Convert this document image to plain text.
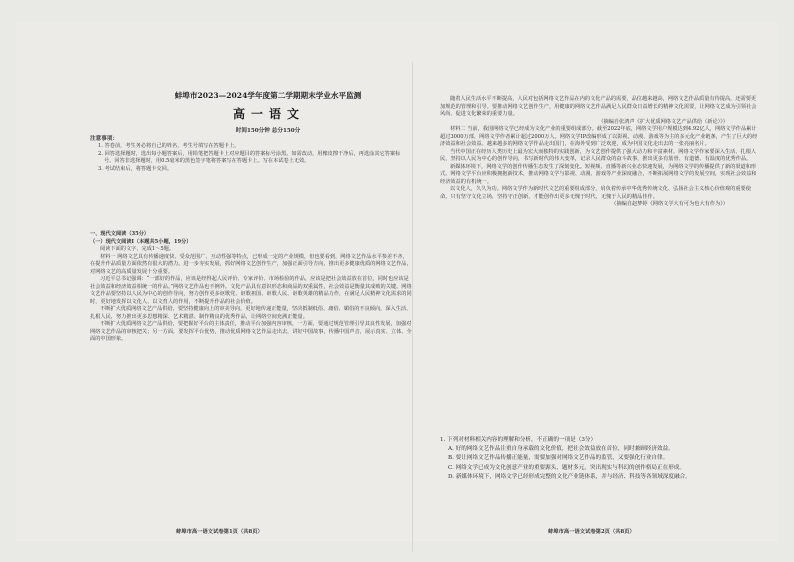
蚌埠市2023—2024学年度第二学期期末学业水平监测
高一语文
时间150分钟 总分150分
注意事项：
1. 答卷前，考生务必将自己的姓名、考生号填写在答题卡上。
2. 回答选择题时，选出每小题答案后，用铅笔把答题卡上对应题目的答案标号涂黑。如需改动，用橡皮擦干净后，再选涂其它答案标号。回答非选择题时，用0.5毫米的黑色签字笔将答案写在答题卡上。写在本试卷上无效。
3. 考试结束后，将答题卡交回。
一、现代文阅读（35分）
（一）现代文阅读Ⅰ（本题共5小题，19分）

阅读下面的文字，完成1～5题。

材料一 网络文艺具有传播速度快、受众范围广、互动性强等特点，已形成一定的产业规模，但也要看到，网络文艺作品水平参差不齐，在提升作品质量方面依然有很大的潜力。进一步夯实发展，抓好网络文艺创作生产，加强正面引导方向，推出更多健康优质的网络文艺作品，对网络文艺的高质量发展十分重要。

习近平总书记强调：“一部好的作品，应该是经得起人民评价、专家评价、市场检验的作品，应该是把社会效益放在首位，同时也应该是社会效益和经济效益相统一的作品。”网络文艺作品也不例外。文化产品具有意识形态和商品的双重属性，社会效益是衡量其成败的关键。网络文艺作品要坚持以人民为中心的创作导向，努力创作更多讴歌党、讴歌祖国、讴歌人民、讴歌英雄的精品力作，在满足人民精神文化需求的同时，更好地发挥以文化人、以文育人的作用，不断提升作品的社会价值。

不断扩大优质网络文艺产品供给，要坚持健康向上的审美导向，更好地传递正能量，坚决抵制低俗、庸俗、媚俗的不良倾向，深入生活、扎根人民，努力推出更多思想精深、艺术精湛、制作精良的优秀作品，让网络空间充满正能量。

不断扩大优质网络文艺产品供给，要把握好平台的主体责任，推动平台加强内容审核，一方面，要通过规范管理引导其良性发展，加强对网络文艺作品的审核把关；另一方面，要发挥平台优势，推动优质网络文艺作品走出去，讲好中国故事，传播中国声音，展示真实、立体、全面的中国形象。

蚌埠市高一语文试卷第1页（共8页）

随着人民生活水平不断提高，人民对包括网络文艺作品在内的文化产品的需要，品位越来越高，网络文艺作品质量有待提高，还需要更加规范的管理和引导。要推动网络文艺创作生产，用健康的网络文艺作品满足人民群众日益增长的精神文化需要，让网络文艺成为引领社会风尚、促进文化繁荣的重要力量。

（摘编自张鸿声《扩大优质网络文艺产品供给（新论）》）

材料二 当前，我国网络文学已经成为文化产业的重要组成部分。截至2022年底，网络文学用户规模达到4.92亿人，网络文学作品累计超过3000万部，网络文学作者累计超过2000万人。网络文学IP改编形成了以影视、动漫、游戏等为主的多元化产业链条，产生了巨大的经济效益和社会效益。越来越多的网络文学作品走出国门，在海外受到广泛欢迎，成为中国文化走出去的一张亮丽名片。

当代中国正在经历人类历史上最为宏大而独特的实践创新，为文艺创作提供了强大动力和丰富素材。网络文学作家要深入生活、扎根人民，坚持以人民为中心的创作导向，书写新时代的伟大变革，记录人民群众的奋斗故事，推出更多有筋骨、有道德、有温度的优秀作品。

新媒体环境下，网络文学的创作传播生态发生了深刻变化。短视频、直播等新兴业态快速发展，为网络文学的传播提供了新的渠道和形式。网络文学平台应积极拥抱新技术，推动网络文学与影视、动漫、游戏等产业深度融合，不断拓展网络文学的发展空间，实现社会效益和经济效益的有机统一。

以文化人，久久为功。网络文学作为新时代文艺的重要组成部分，肩负着传承中华优秀传统文化、弘扬社会主义核心价值观的重要使命。只有坚守文化立场，坚持守正创新，才能创作出更多无愧于时代、无愧于人民的精品佳作。

（摘编自赵梦婷《网络文学大有可为也大有作为》）
1. 下列对材料相关内容的理解和分析，不正确的一项是（3分）
A. 好的网络文艺作品注重自身承载的文化价值，把社会效益放在首位，同时兼顾经济效益。
B. 要让网络文艺作品传播正能量，需要加强对网络文艺作品的监管，又要强化行业自律。
C. 网络文学已成为文化创意产业的重要源头，题材多元，突出现实与科幻的创作格局正在形成。
D. 新媒体环境下，网络文学已经形成完整的文化产业链体系，并与经济、科技等各领域深度融合。
蚌埠市高一语文试卷第2页（共8页）
